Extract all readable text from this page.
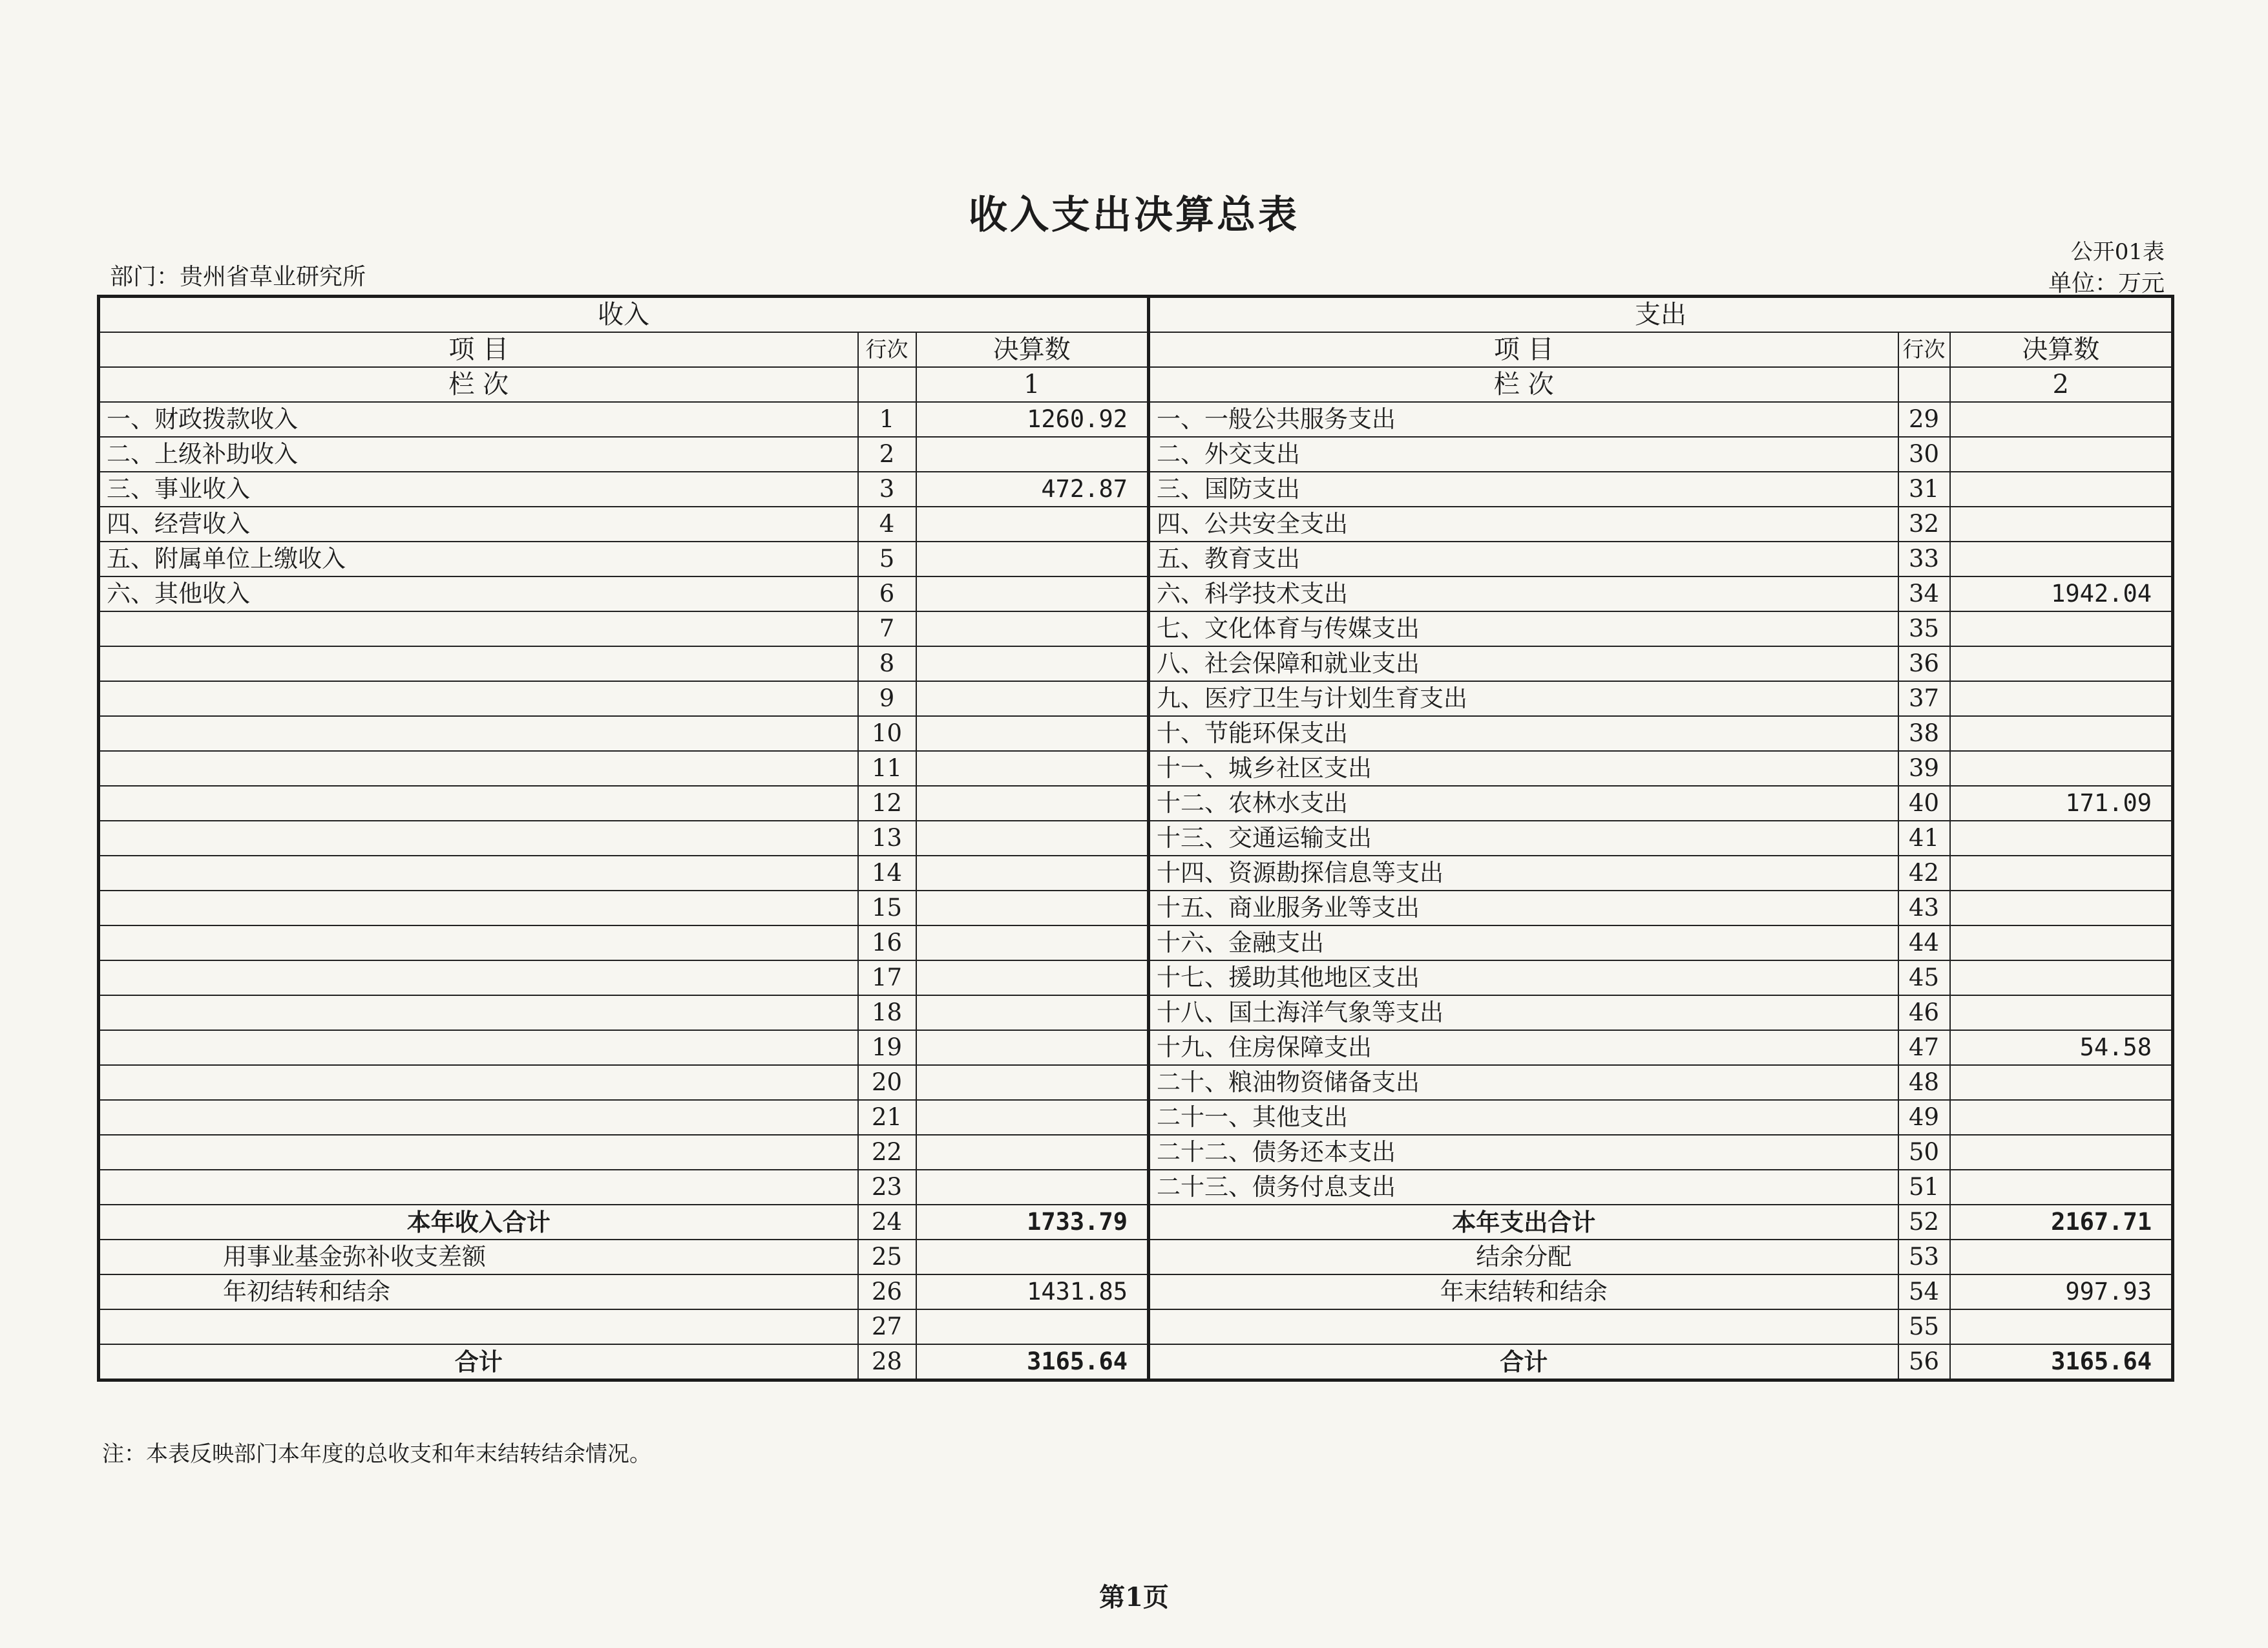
收入支出决算总表
公开01表
部门：贵州省草业研究所	单位：万元
收入			支出		
项 目	行次	决算数	项 目	行次	决算数
栏 次		1	栏 次		2
一、财政拨款收入	1	1260.92	一、一般公共服务支出	29	
二、上级补助收入	2		二、外交支出	30	
三、事业收入	3	472.87	三、国防支出	31	
四、经营收入	4		四、公共安全支出	32	
五、附属单位上缴收入	5		五、教育支出	33	
六、其他收入	6		六、科学技术支出	34	1942.04
	7		七、文化体育与传媒支出	35	
	8		八、社会保障和就业支出	36	
	9		九、医疗卫生与计划生育支出	37	
	10		十、节能环保支出	38	
	11		十一、城乡社区支出	39	
	12		十二、农林水支出	40	171.09
	13		十三、交通运输支出	41	
	14		十四、资源勘探信息等支出	42	
	15		十五、商业服务业等支出	43	
	16		十六、金融支出	44	
	17		十七、援助其他地区支出	45	
	18		十八、国土海洋气象等支出	46	
	19		十九、住房保障支出	47	54.58
	20		二十、粮油物资储备支出	48	
	21		二十一、其他支出	49	
	22		二十二、债务还本支出	50	
	23		二十三、债务付息支出	51	
本年收入合计	24	1733.79	本年支出合计	52	2167.71
用事业基金弥补收支差额	25		结余分配	53	
年初结转和结余	26	1431.85	年末结转和结余	54	997.93
	27			55	
合计	28	3165.64	合计	56	3165.64
注：本表反映部门本年度的总收支和年末结转结余情况。
第1页
